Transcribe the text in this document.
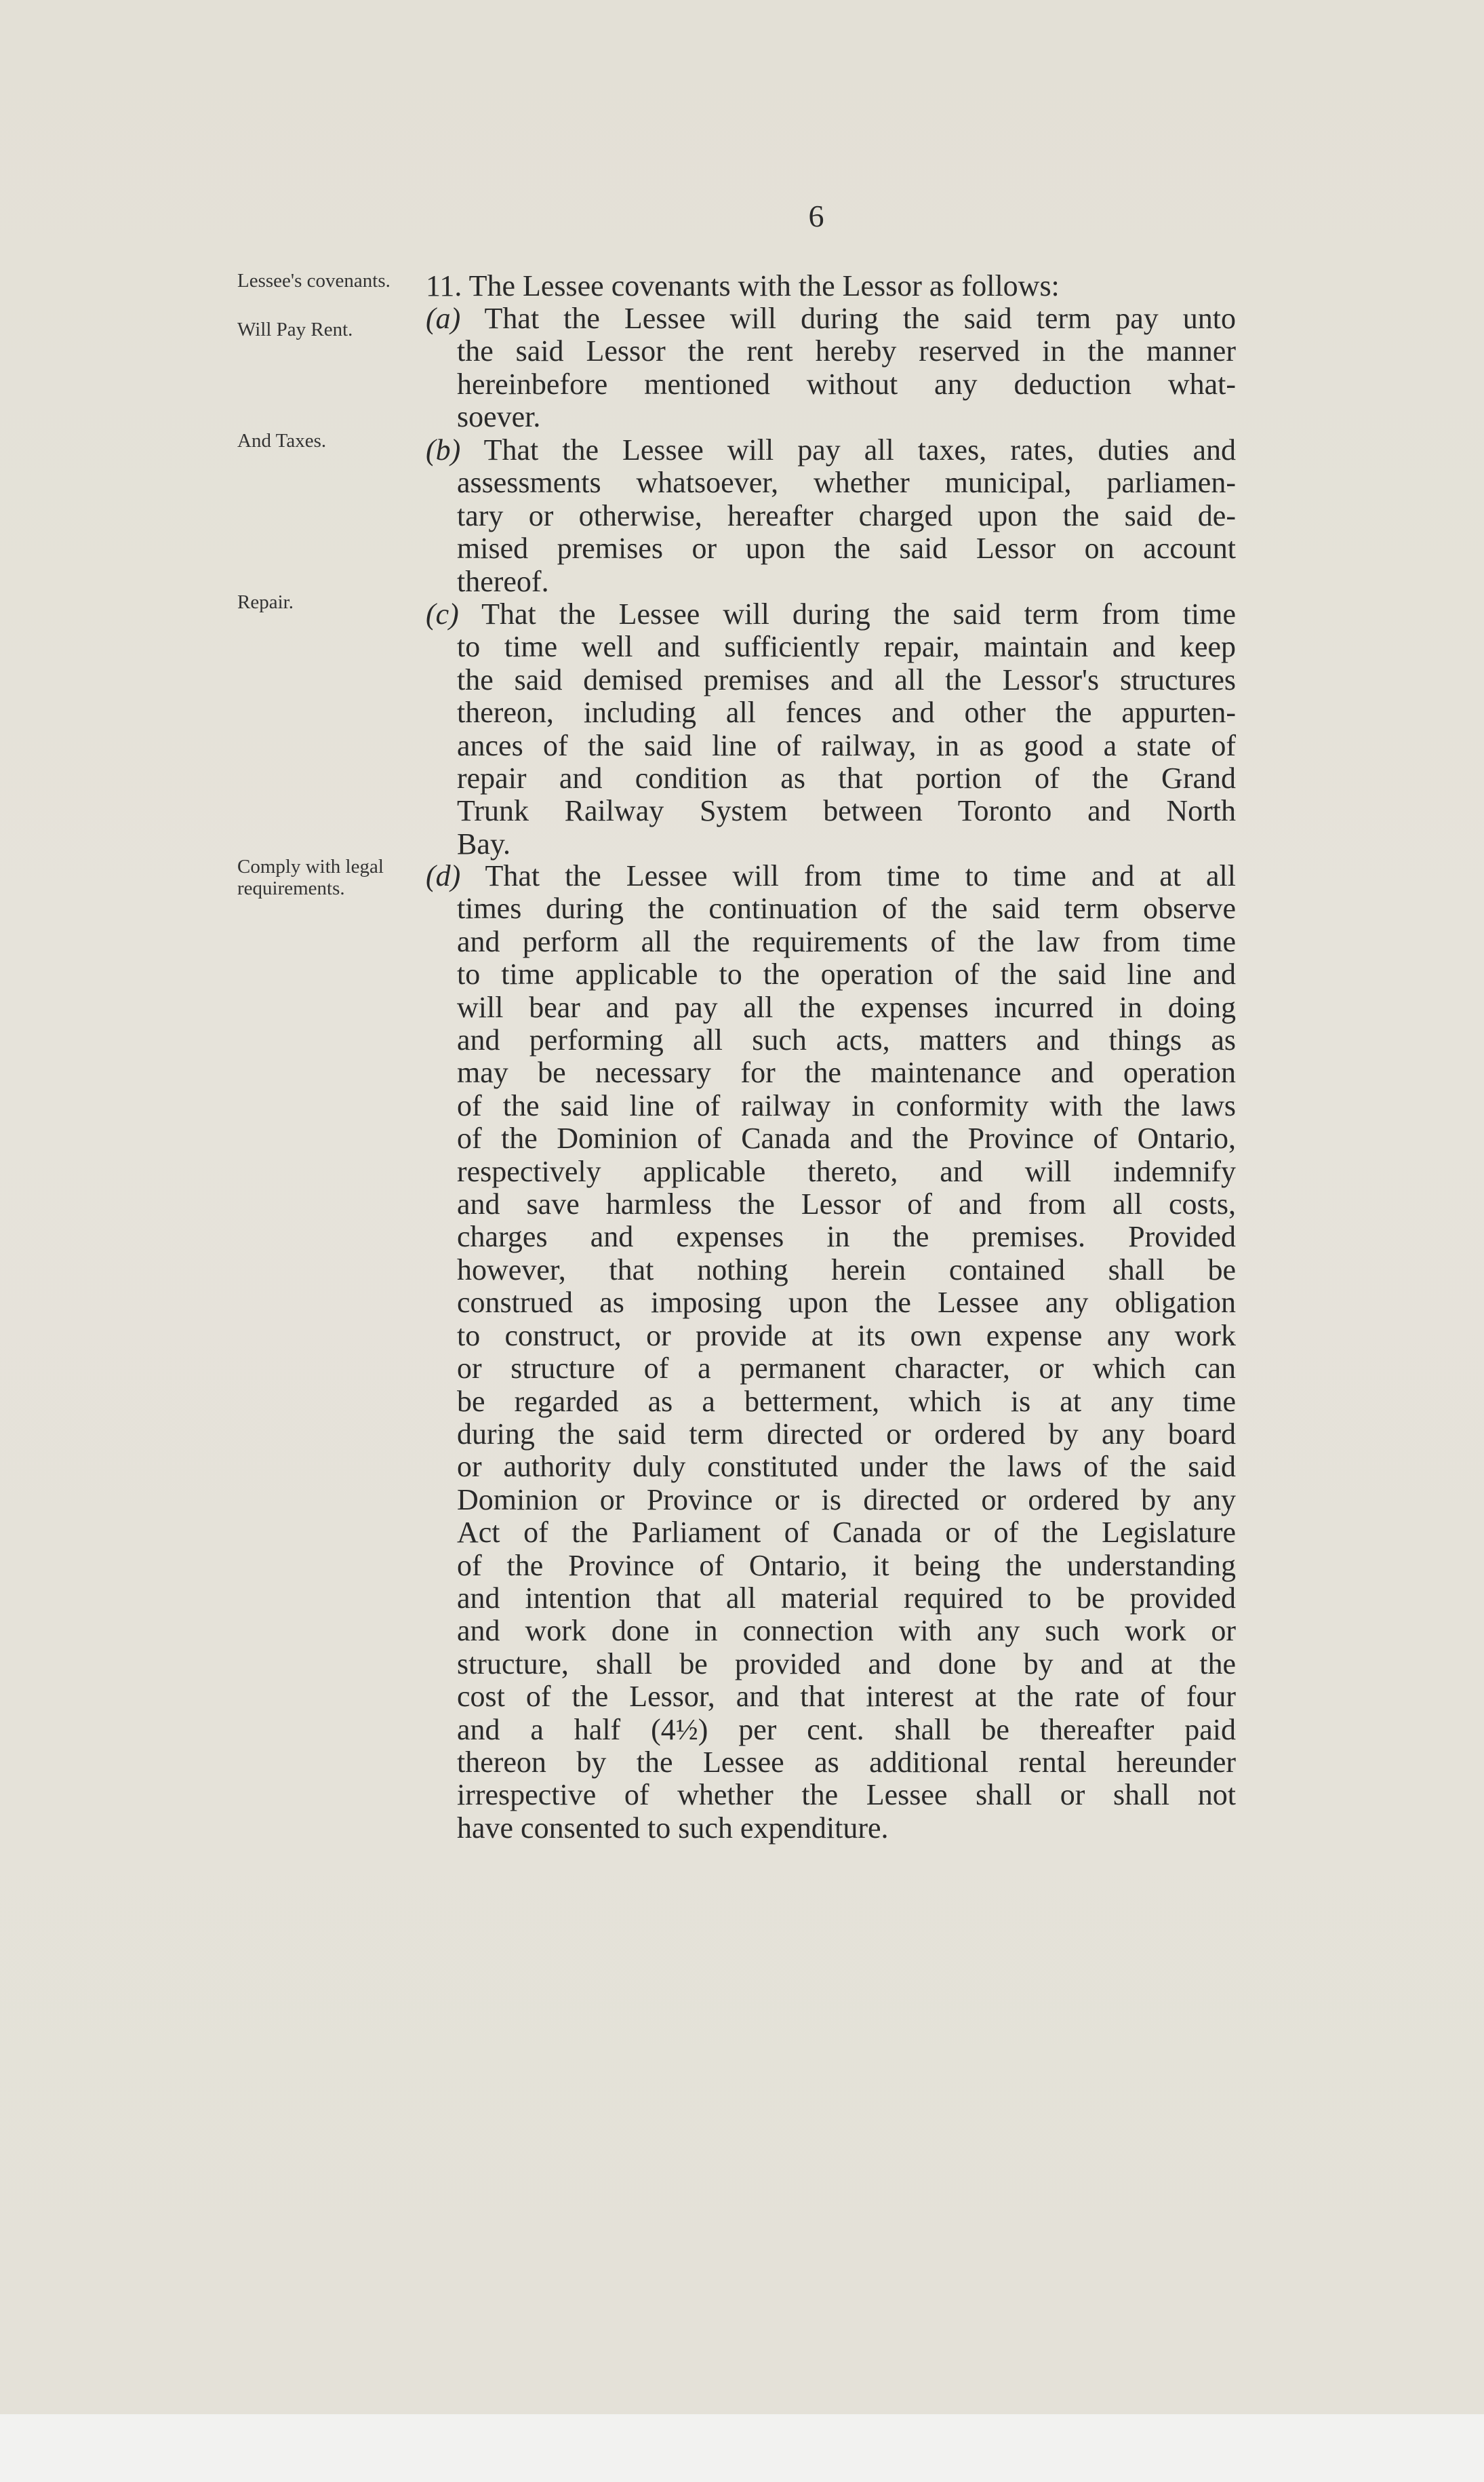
6
Lessee's covenants.
Will Pay Rent.
And Taxes.
Repair.
Comply with legal requirements.
11. The Lessee covenants with the Lessor as follows:
(a) That the Lessee will during the said term pay unto
the said Lessor the rent hereby reserved in the manner
hereinbefore mentioned without any deduction what-
soever.
(b) That the Lessee will pay all taxes, rates, duties and
assessments whatsoever, whether municipal, parliamen-
tary or otherwise, hereafter charged upon the said de-
mised premises or upon the said Lessor on account
thereof.
(c) That the Lessee will during the said term from time
to time well and sufficiently repair, maintain and keep
the said demised premises and all the Lessor's structures
thereon, including all fences and other the appurten-
ances of the said line of railway, in as good a state of
repair and condition as that portion of the Grand
Trunk Railway System between Toronto and North
Bay.
(d) That the Lessee will from time to time and at all
times during the continuation of the said term observe
and perform all the requirements of the law from time
to time applicable to the operation of the said line and
will bear and pay all the expenses incurred in doing
and performing all such acts, matters and things as
may be necessary for the maintenance and operation
of the said line of railway in conformity with the laws
of the Dominion of Canada and the Province of Ontario,
respectively applicable thereto, and will indemnify
and save harmless the Lessor of and from all costs,
charges and expenses in the premises. Provided
however, that nothing herein contained shall be
construed as imposing upon the Lessee any obligation
to construct, or provide at its own expense any work
or structure of a permanent character, or which can
be regarded as a betterment, which is at any time
during the said term directed or ordered by any board
or authority duly constituted under the laws of the said
Dominion or Province or is directed or ordered by any
Act of the Parliament of Canada or of the Legislature
of the Province of Ontario, it being the understanding
and intention that all material required to be provided
and work done in connection with any such work or
structure, shall be provided and done by and at the
cost of the Lessor, and that interest at the rate of four
and a half (4½) per cent. shall be thereafter paid
thereon by the Lessee as additional rental hereunder
irrespective of whether the Lessee shall or shall not
have consented to such expenditure.
